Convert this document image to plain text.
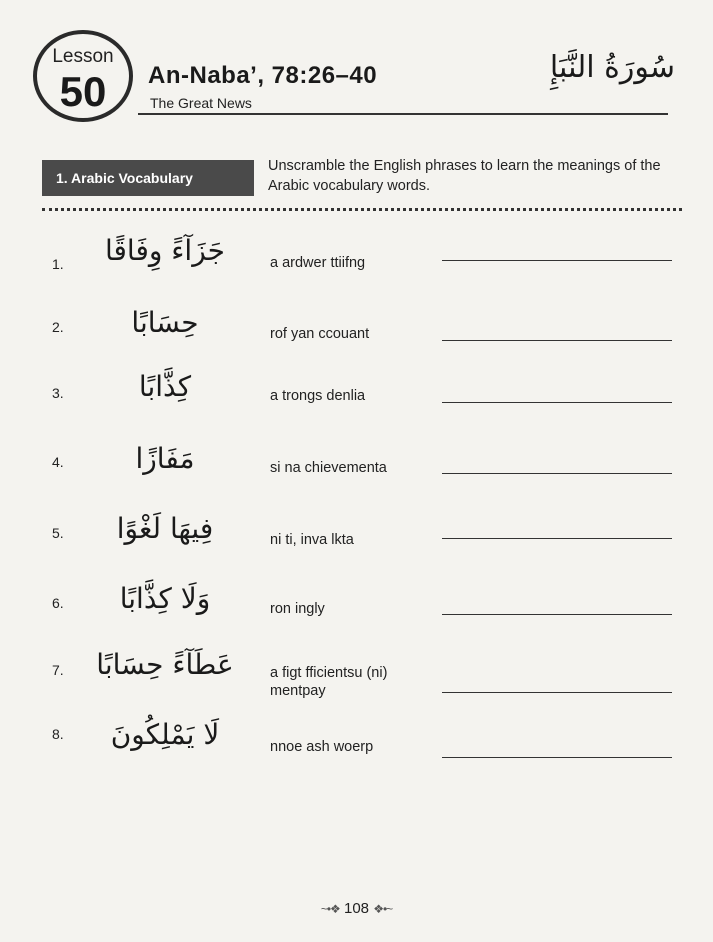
Lesson
50	An-Naba’, 78:26–40
The Great News
سُورَةُ النَّبَإِ
1. Arabic Vocabulary
Unscramble the English phrases to learn the meanings of the Arabic vocabulary words.
1.	جَزَآءً وِفَاقًا	a ardwer ttiifng
2.	حِسَابًا	rof yan ccouant
3.	كِذَّابًا	a trongs denlia
4.	مَفَازًا	si na chievementa
5.	فِيهَا لَغْوًا	ni ti, inva lkta
6.	وَلَا كِذَّابًا	ron ingly
7.	عَطَآءً حِسَابًا	a figt fficientsu (ni) mentpay
8.	لَا يَمْلِكُونَ	nnoe ash woerp
~•❖ 108 ❖•~
